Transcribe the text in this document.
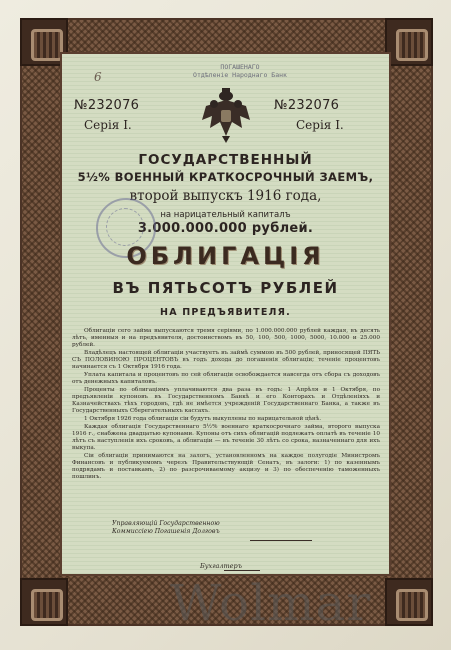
6
ПОГАШЕНАГО
Отдѣленіе Народнаго Банк
№232076	№232076
Серія I.	Серія I.
ГОСУДАРСТВЕННЫЙ
5½% ВОЕННЫЙ КРАТКОСРОЧНЫЙ ЗАЕМЪ,
второй выпускъ 1916 года,
на нарицательный капиталъ
3.000.000.000 рублей.
ОБЛИГАЦІЯ
ВЪ ПЯТЬСОТЪ РУБЛЕЙ
НА ПРЕДЪЯВИТЕЛЯ.

Облигаціи сего займа выпускаются тремя серіями, по 1.000.000.000 рублей каждая, въ десять лѣтъ, именныя и на предъявителя, достоинствомъ въ 50, 100, 500, 1000, 5000, 10.000 и 25.000 рублей.

Владѣлецъ настоящей облигаціи участвуетъ въ займѣ суммою въ 500 рублей, приносящей ПЯТЬ СЪ ПОЛОВИНОЮ ПРОЦЕНТОВЪ въ годъ дохода до погашенія облигаціи; теченіе процентовъ начинается съ 1 Октября 1916 года.

Уплата капитала и процентовъ по сей облигаціи освобождается навсегда отъ сбора съ доходовъ отъ денежныхъ капиталовъ.

Проценты по облигаціямъ уплачиваются два раза въ годъ: 1 Апрѣля и 1 Октября, по предъявленіи купоновъ въ Государственномъ Банкѣ и его Конторахъ и Отдѣленіяхъ и Казначействахъ тѣхъ городовъ, гдѣ не имѣется учрежденій Государственнаго Банка, а также въ Государственныхъ Сберегательныхъ кассахъ.

1 Октября 1926 года облигаціи сіи будутъ выкуплены по нарицательной цѣнѣ.

Каждая облигація Государственнаго 5½% военнаго краткосрочнаго займа, второго выпуска 1916 г., снабжена двадцатью купонами. Купоны отъ сихъ облигацій подлежатъ оплатѣ въ теченіе 10 лѣтъ съ наступленія ихъ сроковъ, а облигаціи — въ теченіе 30 лѣтъ со срока, назначеннаго для ихъ выкупа.

Сіи облигаціи принимаются на залогъ, установленномъ на каждое полугодіе Министромъ Финансовъ и публикуемомъ черезъ Правительствующій Сенатъ, въ залоги: 1) по казеннымъ подрядамъ и поставкамъ, 2) по разсрочиваемому акцизу и 3) по обеспеченію таможенныхъ пошлинъ.

Управляющій Государственною
Коммиссіею Погашенія Долговъ
Бухгалтеръ
Wolmar
